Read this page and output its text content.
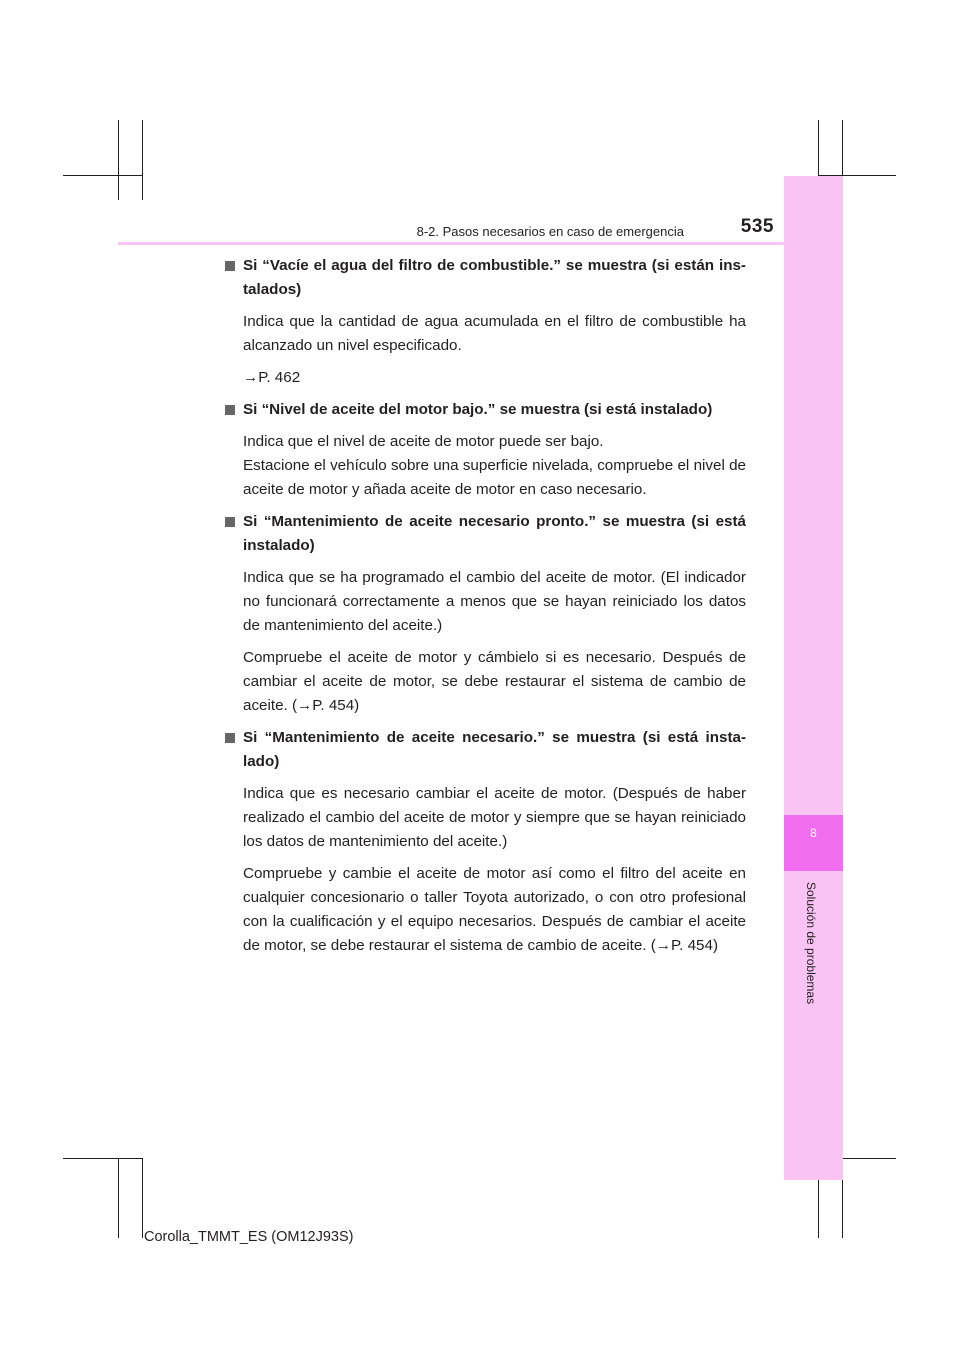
8
Solución de problemas
8-2. Pasos necesarios en caso de emergencia	535

Si “Vacíe el agua del filtro de combustible.” se muestra (si están ins-talados)

Indica que la cantidad de agua acumulada en el filtro de combustible ha alcanzado un nivel especificado.

→P. 462

Si “Nivel de aceite del motor bajo.” se muestra (si está instalado)

Indica que el nivel de aceite de motor puede ser bajo.

Estacione el vehículo sobre una superficie nivelada, compruebe el nivel de aceite de motor y añada aceite de motor en caso necesario.

Si “Mantenimiento de aceite necesario pronto.” se muestra (si está instalado)

Indica que se ha programado el cambio del aceite de motor. (El indicador no funcionará correctamente a menos que se hayan reiniciado los datos de mantenimiento del aceite.)

Compruebe el aceite de motor y cámbielo si es necesario. Después de cambiar el aceite de motor, se debe restaurar el sistema de cambio de aceite. (→P. 454)

Si “Mantenimiento de aceite necesario.” se muestra (si está insta-lado)

Indica que es necesario cambiar el aceite de motor. (Después de haber realizado el cambio del aceite de motor y siempre que se hayan reiniciado los datos de mantenimiento del aceite.)

Compruebe y cambie el aceite de motor así como el filtro del aceite en cualquier concesionario o taller Toyota autorizado, o con otro profesional con la cualificación y el equipo necesarios. Después de cambiar el aceite de motor, se debe restaurar el sistema de cambio de aceite. (→P. 454)

Corolla_TMMT_ES (OM12J93S)
